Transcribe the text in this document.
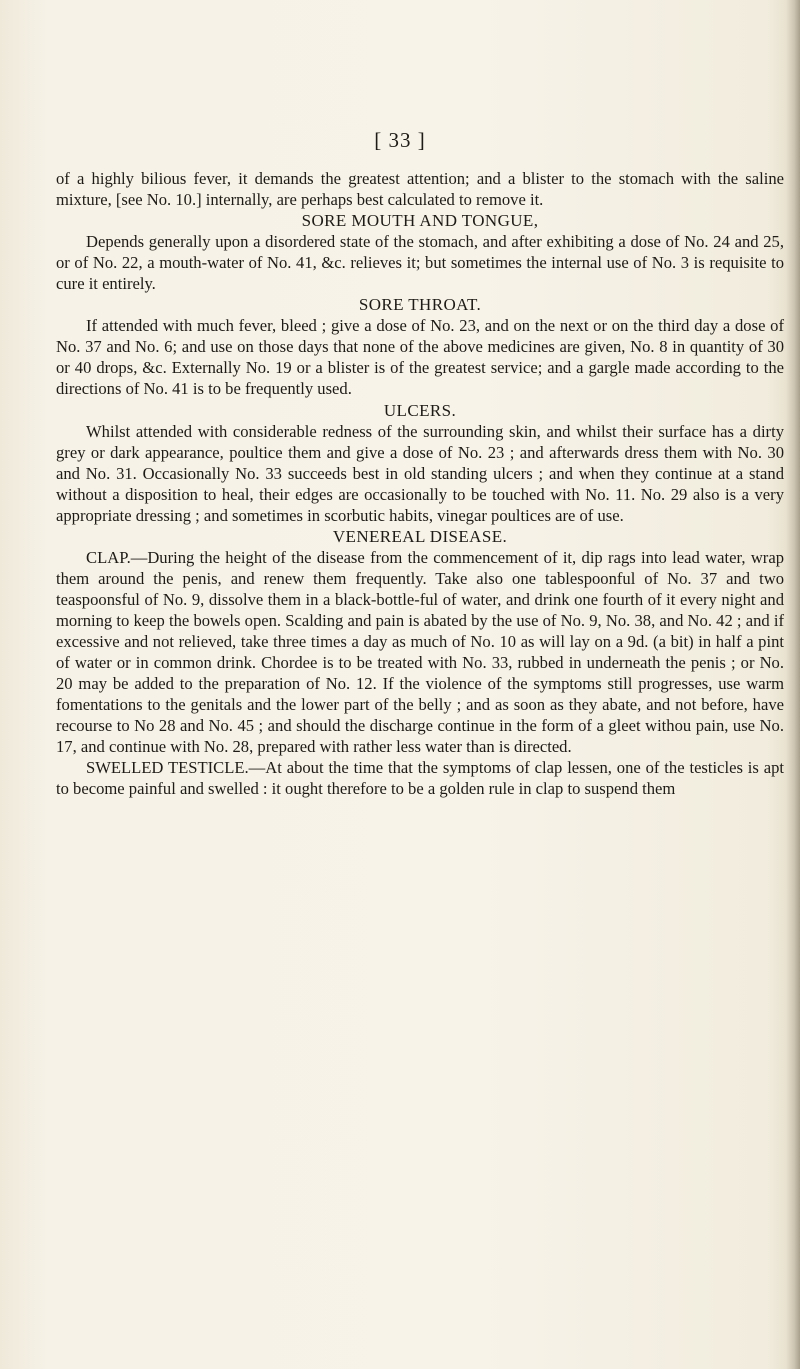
[ 33 ]

of a highly bilious fever, it demands the greatest attention; and a blister to the stomach with the saline mixture, [see No. 10.] internally, are perhaps best calculated to remove it.

SORE MOUTH AND TONGUE,

Depends generally upon a disordered state of the stomach, and after exhibiting a dose of No. 24 and 25, or of No. 22, a mouth-water of No. 41, &c. relieves it; but sometimes the internal use of No. 3 is requisite to cure it entirely.

SORE THROAT.

If attended with much fever, bleed ; give a dose of No. 23, and on the next or on the third day a dose of No. 37 and No. 6; and use on those days that none of the above medicines are given, No. 8 in quantity of 30 or 40 drops, &c. Externally No. 19 or a blister is of the greatest service; and a gargle made according to the directions of No. 41 is to be frequently used.

ULCERS.

Whilst attended with considerable redness of the surrounding skin, and whilst their surface has a dirty grey or dark appearance, poultice them and give a dose of No. 23 ; and afterwards dress them with No. 30 and No. 31. Occasionally No. 33 succeeds best in old standing ulcers ; and when they continue at a stand without a disposition to heal, their edges are occasionally to be touched with No. 11. No. 29 also is a very appropriate dressing ; and sometimes in scorbutic habits, vinegar poultices are of use.

VENEREAL DISEASE.

CLAP.—During the height of the disease from the commencement of it, dip rags into lead water, wrap them around the penis, and renew them frequently. Take also one tablespoonful of No. 37 and two teaspoonsful of No. 9, dissolve them in a black-bottle-ful of water, and drink one fourth of it every night and morning to keep the bowels open. Scalding and pain is abated by the use of No. 9, No. 38, and No. 42 ; and if excessive and not relieved, take three times a day as much of No. 10 as will lay on a 9d. (a bit) in half a pint of water or in common drink. Chordee is to be treated with No. 33, rubbed in underneath the penis ; or No. 20 may be added to the preparation of No. 12. If the violence of the symptoms still progresses, use warm fomentations to the genitals and the lower part of the belly ; and as soon as they abate, and not before, have recourse to No 28 and No. 45 ; and should the discharge continue in the form of a gleet withou pain, use No. 17, and continue with No. 28, prepared with rather less water than is directed.

SWELLED TESTICLE.—At about the time that the symptoms of clap lessen, one of the testicles is apt to become painful and swelled : it ought therefore to be a golden rule in clap to suspend them
